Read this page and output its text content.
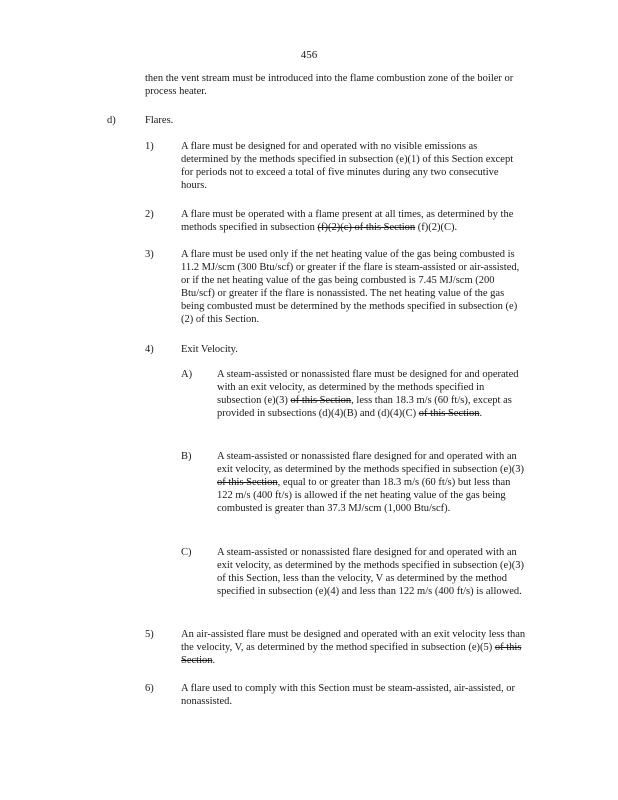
456
then the vent stream must be introduced into the flame combustion zone of the boiler or process heater.
d)	Flares.
1)	A flare must be designed for and operated with no visible emissions as determined by the methods specified in subsection (e)(1) of this Section except for periods not to exceed a total of five minutes during any two consecutive hours.
2)	A flare must be operated with a flame present at all times, as determined by the methods specified in subsection (f)(2)(c) of this Section (f)(2)(C).
3)	A flare must be used only if the net heating value of the gas being combusted is 11.2 MJ/scm (300 Btu/scf) or greater if the flare is steam-assisted or air-assisted, or if the net heating value of the gas being combusted is 7.45 MJ/scm (200 Btu/scf) or greater if the flare is nonassisted. The net heating value of the gas being combusted must be determined by the methods specified in subsection (e)(2) of this Section.
4)	Exit Velocity.
A) A steam-assisted or nonassisted flare must be designed for and operated with an exit velocity, as determined by the methods specified in subsection (e)(3) of this Section, less than 18.3 m/s (60 ft/s), except as provided in subsections (d)(4)(B) and (d)(4)(C) of this Section.
B) A steam-assisted or nonassisted flare designed for and operated with an exit velocity, as determined by the methods specified in subsection (e)(3) of this Section, equal to or greater than 18.3 m/s (60 ft/s) but less than 122 m/s (400 ft/s) is allowed if the net heating value of the gas being combusted is greater than 37.3 MJ/scm (1,000 Btu/scf).
C) A steam-assisted or nonassisted flare designed for and operated with an exit velocity, as determined by the methods specified in subsection (e)(3) of this Section, less than the velocity, V as determined by the method specified in subsection (e)(4) and less than 122 m/s (400 ft/s) is allowed.
5)	An air-assisted flare must be designed and operated with an exit velocity less than the velocity, V, as determined by the method specified in subsection (e)(5) of this Section.
6)	A flare used to comply with this Section must be steam-assisted, air-assisted, or nonassisted.
